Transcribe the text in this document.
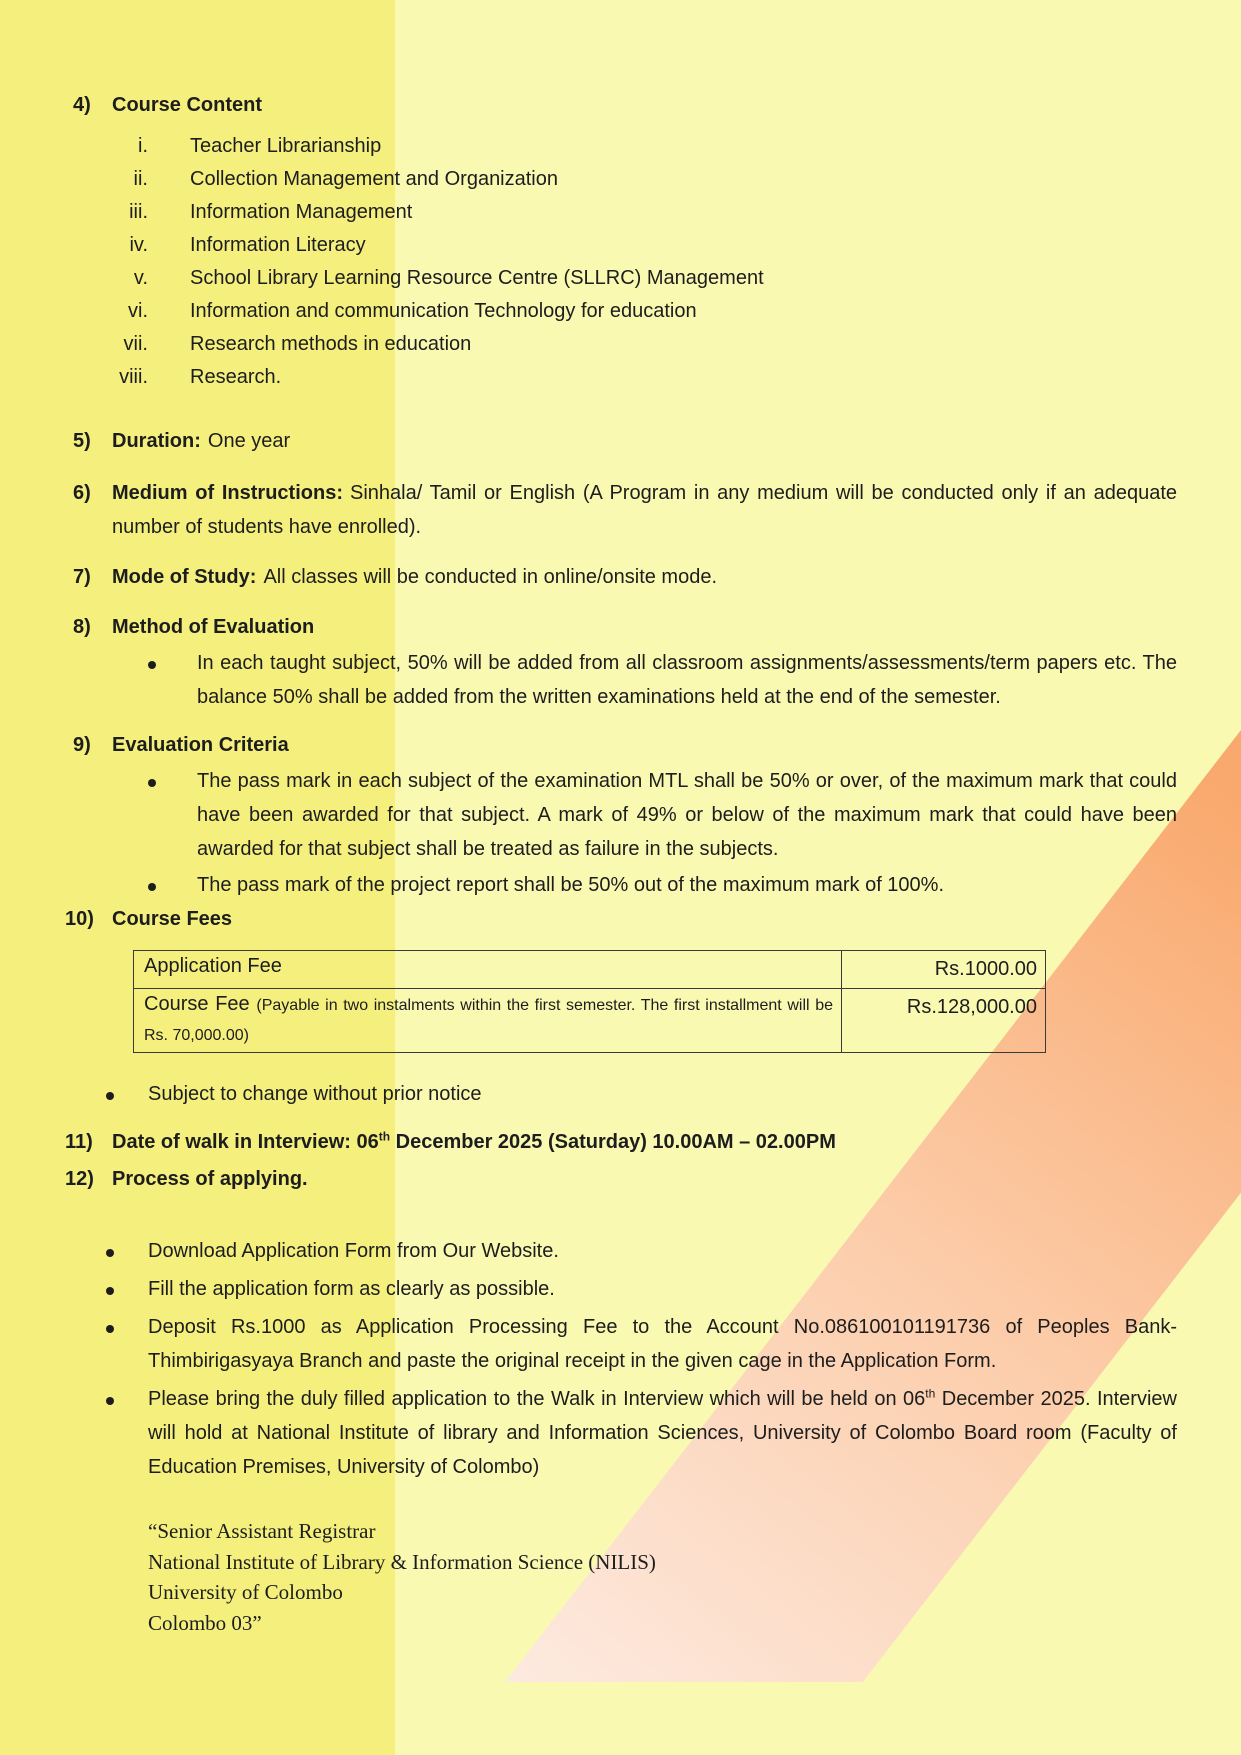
4)	Course Content
i. Teacher Librarianship
ii. Collection Management and Organization
iii. Information Management
iv. Information Literacy
v. School Library Learning Resource Centre (SLLRC) Management
vi. Information and communication Technology for education
vii. Research methods in education
viii. Research.
5)	Duration: One year
6)	Medium of Instructions: Sinhala/ Tamil or English (A Program in any medium will be conducted only if an adequate number of students have enrolled).
7)	Mode of Study: All classes will be conducted in online/onsite mode.
8)	Method of Evaluation
In each taught subject, 50% will be added from all classroom assignments/assessments/term papers etc. The balance 50% shall be added from the written examinations held at the end of the semester.
9)	Evaluation Criteria
The pass mark in each subject of the examination MTL shall be 50% or over, of the maximum mark that could have been awarded for that subject. A mark of 49% or below of the maximum mark that could have been awarded for that subject shall be treated as failure in the subjects.
The pass mark of the project report shall be 50% out of the maximum mark of 100%.
10) Course Fees
Application Fee	Rs.1000.00
Course Fee (Payable in two instalments within the first semester. The first installment will be Rs. 70,000.00)	Rs.128,000.00
Subject to change without prior notice
11) Date of walk in Interview: 06th December 2025 (Saturday) 10.00AM – 02.00PM
12) Process of applying.
Download Application Form from Our Website.
Fill the application form as clearly as possible.
Deposit Rs.1000 as Application Processing Fee to the Account No.086100101191736 of Peoples Bank- Thimbirigasyaya Branch and paste the original receipt in the given cage in the Application Form.
Please bring the duly filled application to the Walk in Interview which will be held on 06th December 2025. Interview will hold at National Institute of library and Information Sciences, University of Colombo Board room (Faculty of Education Premises, University of Colombo)
“Senior Assistant Registrar
National Institute of Library & Information Science (NILIS)
University of Colombo
Colombo 03”
